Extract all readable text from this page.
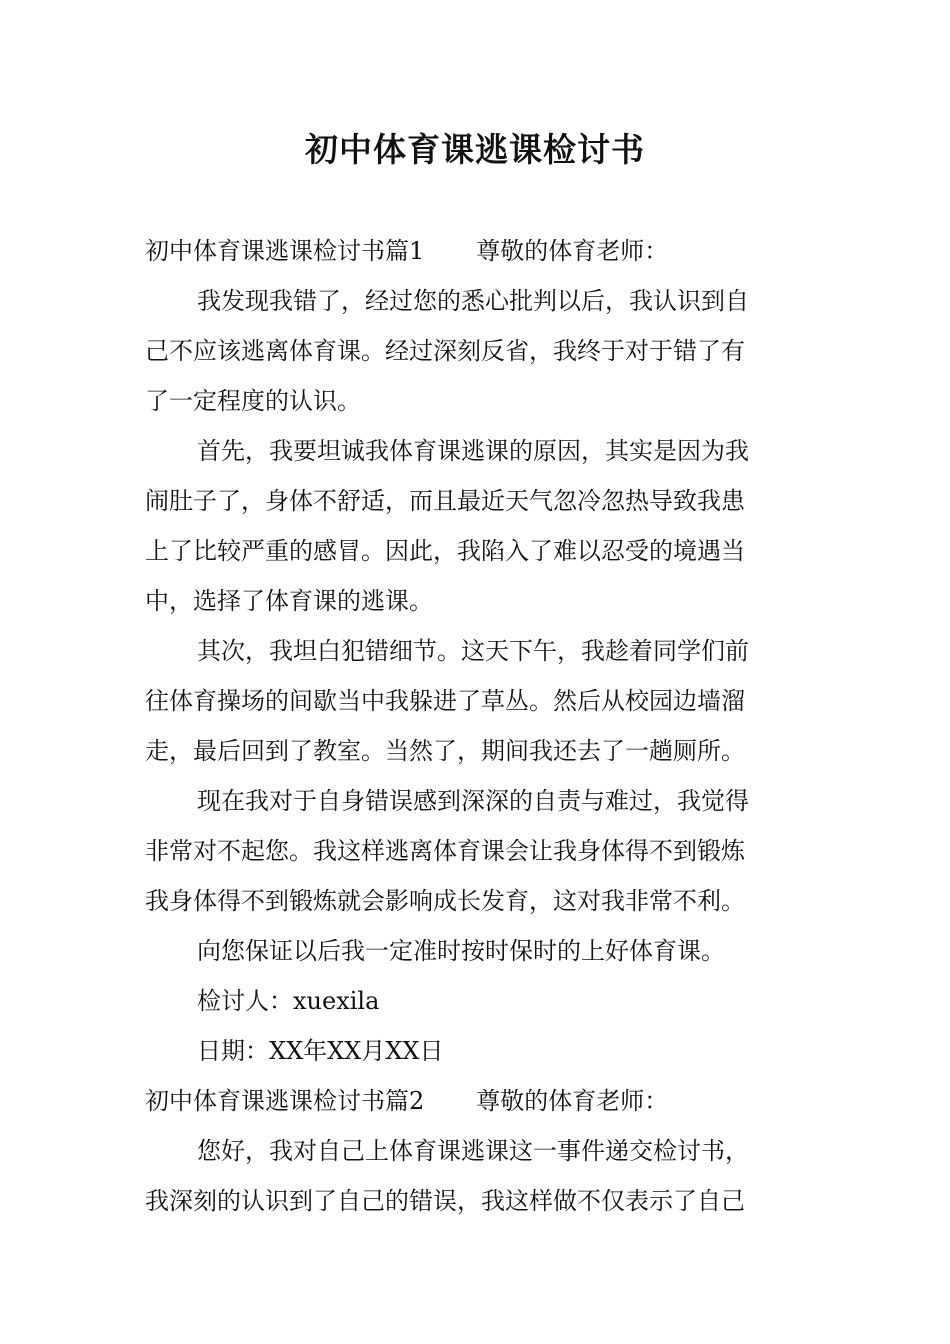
初中体育课逃课检讨书
初中体育课逃课检讨书篇1 尊敬的体育老师：
我发现我错了，经过您的悉心批判以后，我认识到自
己不应该逃离体育课。经过深刻反省，我终于对于错了有
了一定程度的认识。
首先，我要坦诚我体育课逃课的原因，其实是因为我
闹肚子了，身体不舒适，而且最近天气忽冷忽热导致我患
上了比较严重的感冒。因此，我陷入了难以忍受的境遇当
中，选择了体育课的逃课。
其次，我坦白犯错细节。这天下午，我趁着同学们前
往体育操场的间歇当中我躲进了草丛。然后从校园边墙溜
走，最后回到了教室。当然了，期间我还去了一趟厕所。
现在我对于自身错误感到深深的自责与难过，我觉得
非常对不起您。我这样逃离体育课会让我身体得不到锻炼
我身体得不到锻炼就会影响成长发育，这对我非常不利。
向您保证以后我一定准时按时保时的上好体育课。
检讨人：xuexila
日期：XX年XX月XX日
初中体育课逃课检讨书篇2 尊敬的体育老师：
您好，我对自己上体育课逃课这一事件递交检讨书，
我深刻的认识到了自己的错误，我这样做不仅表示了自己
